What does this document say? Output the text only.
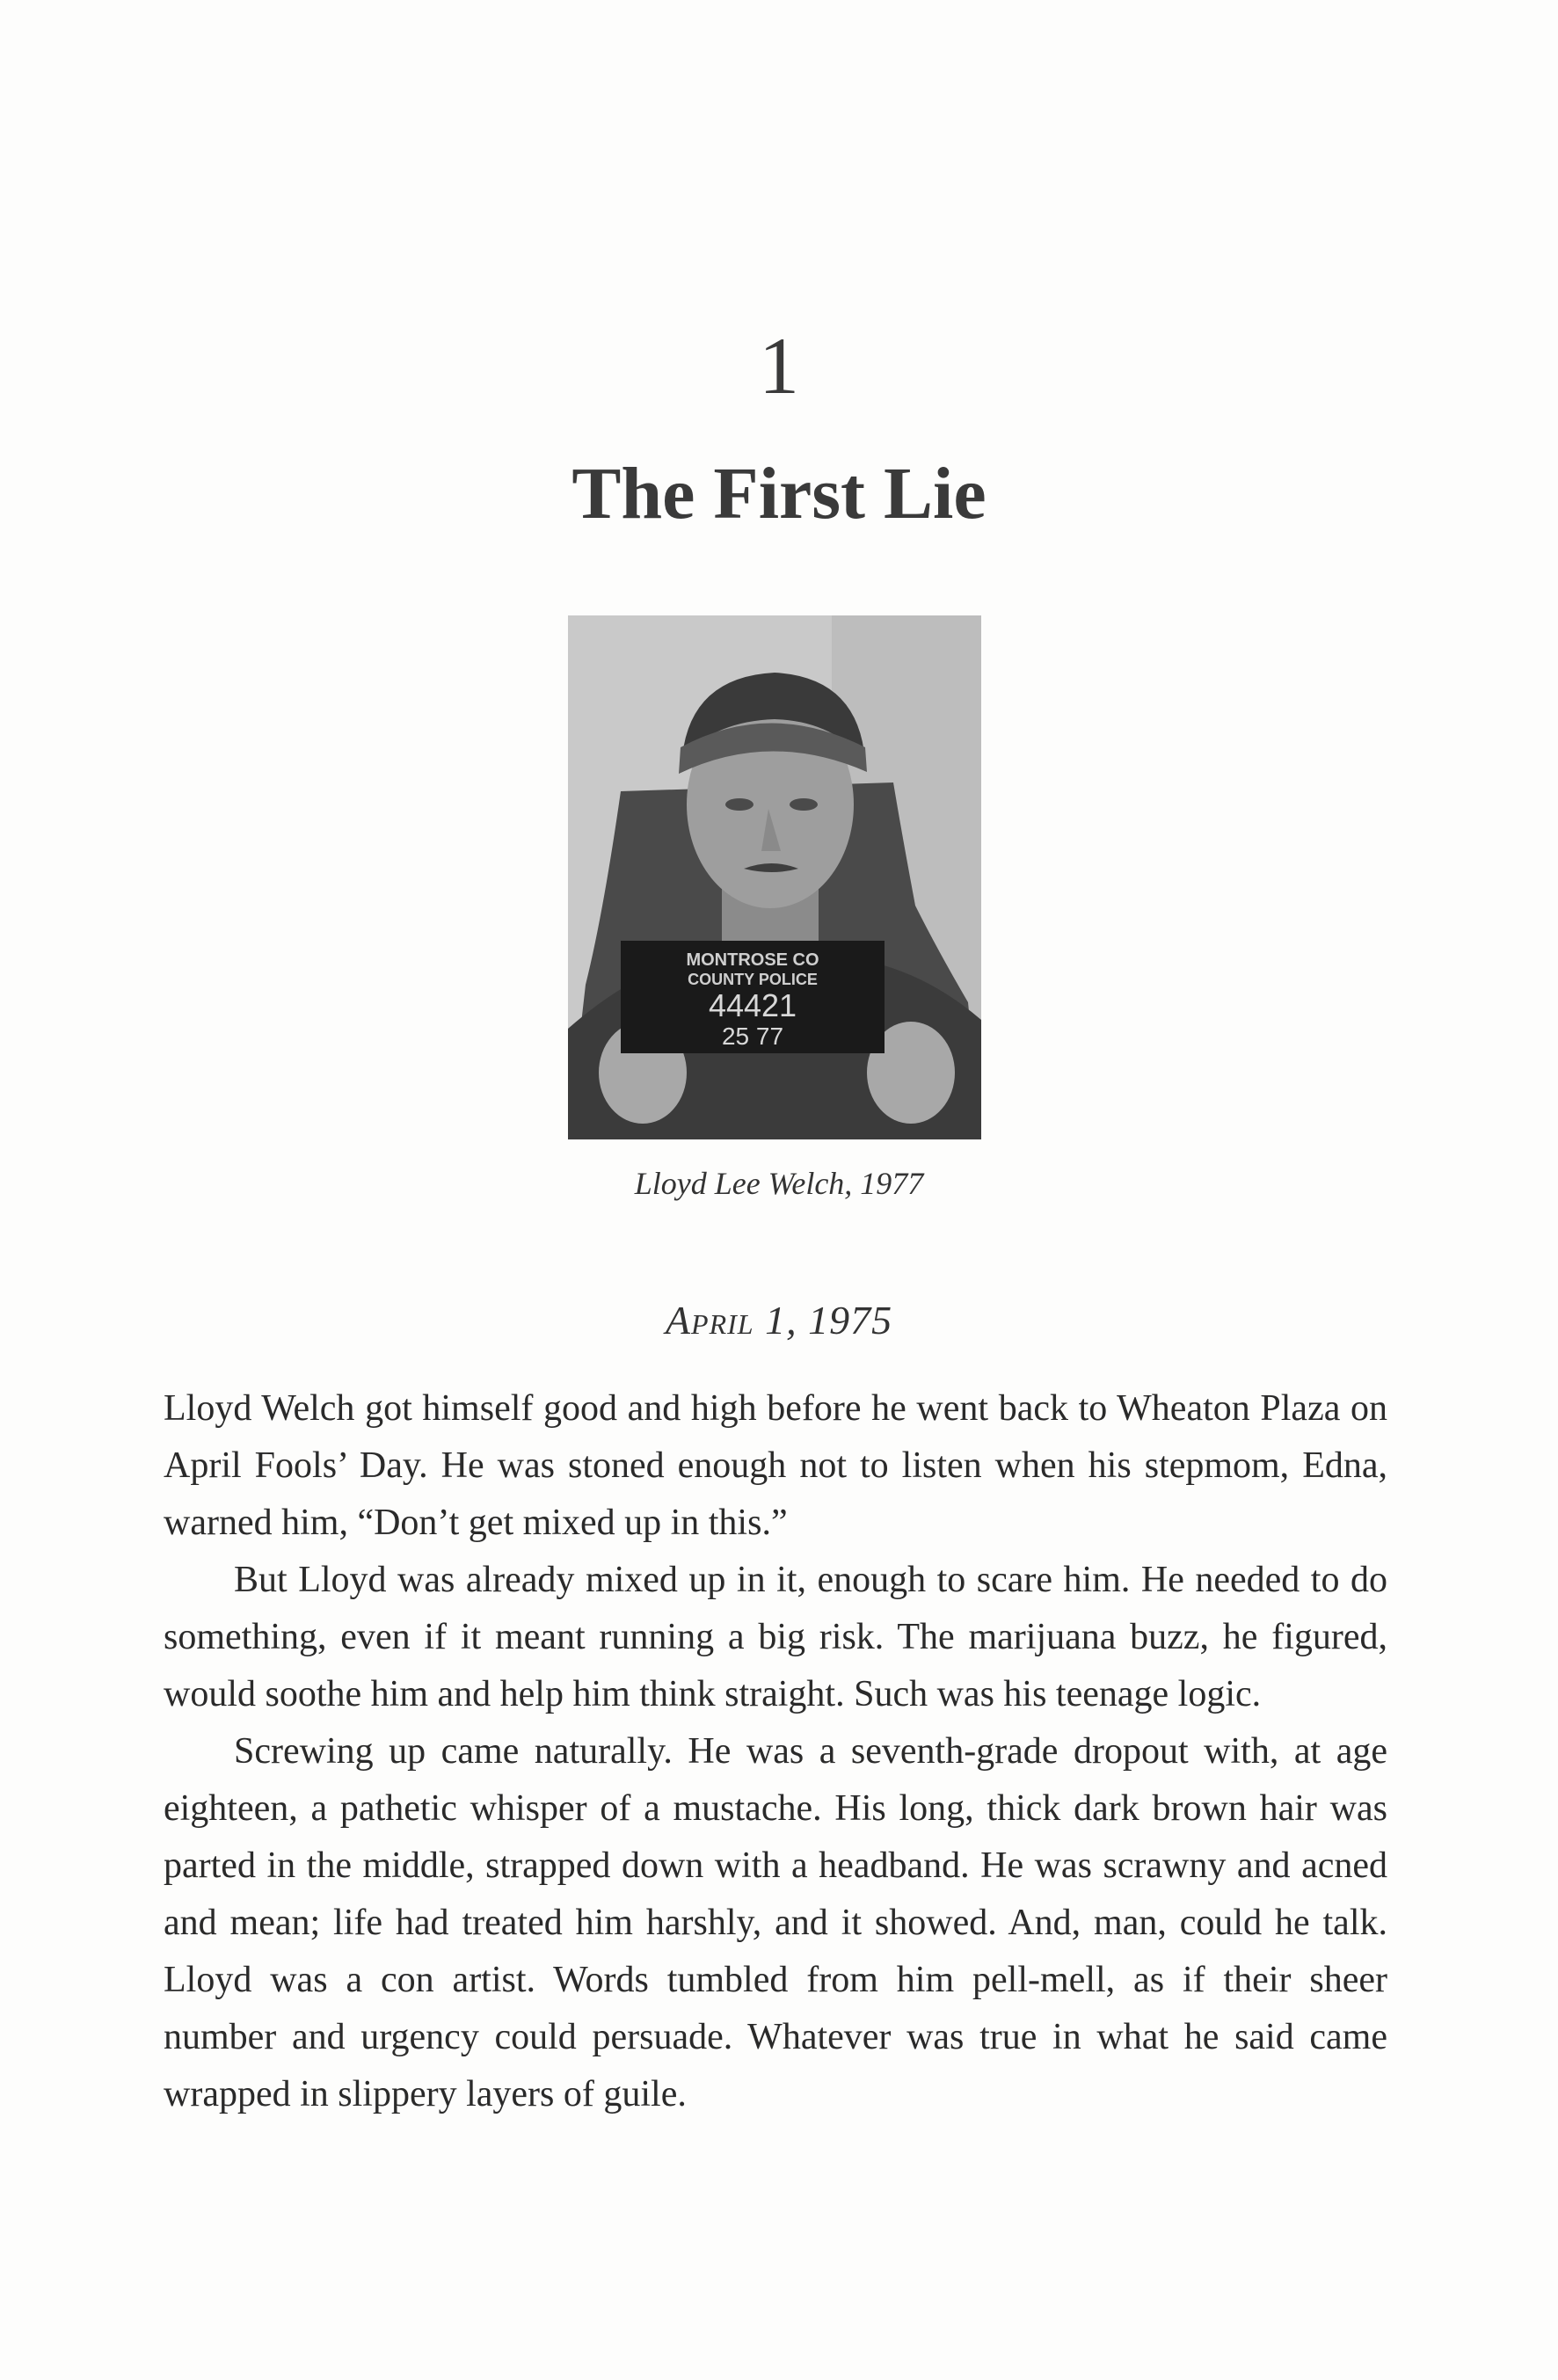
1
The First Lie
MONTROSE CO
COUNTY POLICE
44421
25 77
Lloyd Lee Welch, 1977
April 1, 1975

Lloyd Welch got himself good and high before he went back to Wheaton Plaza on April Fools’ Day. He was stoned enough not to listen when his stepmom, Edna, warned him, “Don’t get mixed up in this.”

But Lloyd was already mixed up in it, enough to scare him. He needed to do something, even if it meant running a big risk. The marijuana buzz, he figured, would soothe him and help him think straight. Such was his teenage logic.

Screwing up came naturally. He was a seventh-grade dropout with, at age eighteen, a pathetic whisper of a mustache. His long, thick dark brown hair was parted in the middle, strapped down with a headband. He was scrawny and acned and mean; life had treated him harshly, and it showed. And, man, could he talk. Lloyd was a con artist. Words tumbled from him pell-mell, as if their sheer number and urgency could persuade. Whatever was true in what he said came wrapped in slippery layers of guile.
